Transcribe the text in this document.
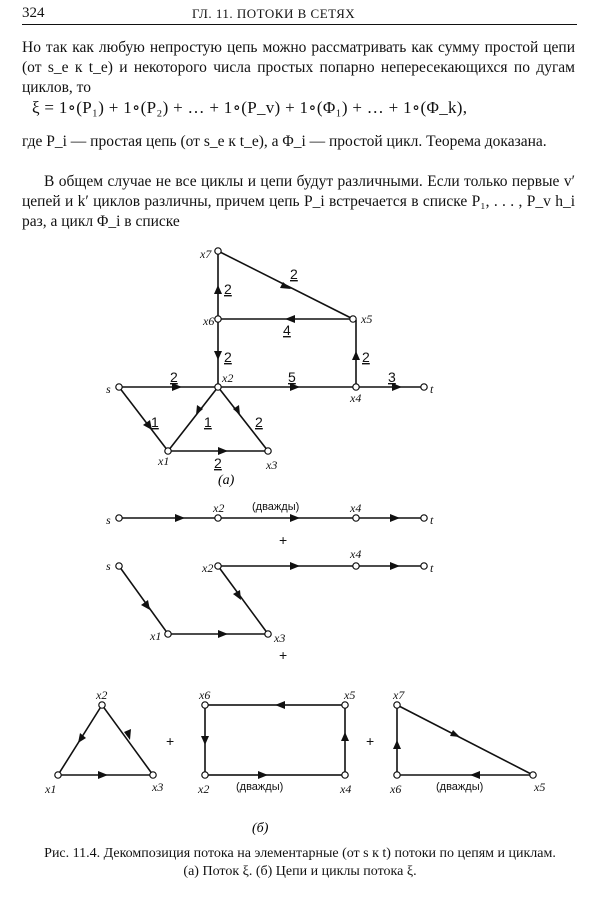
324	ГЛ. 11. ПОТОКИ В СЕТЯХ
Но так как любую непростую цепь можно рассматривать как сумму простой цепи (от s_e к t_e) и некоторого числа простых попарно непересекающихся по дугам циклов, то
ξ = 1∘(P₁) + 1∘(P₂) + … + 1∘(P_v) + 1∘(Φ₁) + … + 1∘(Φ_k),
где P_i — простая цепь (от s_e к t_e), а Φ_i — простой цикл. Теорема доказана.
В общем случае не все циклы и цепи будут различными. Если только первые v′ цепей и k′ циклов различны, причем цепь P_i встречается в списке P₁, . . . , P_v h_i раз, а цикл Φ_i в списке
s	t
x1
x2
x3
x4
x5
x6
x7
2
2
4
2	2
2	5	3
1	1	2
2
(а)
s
x2	x4
t
s	x2
x4
t
x1	x3
x2
x1	x3
x6	x5
x2	x4
x7
x6	x5
(дважды)
(дважды)	(дважды)
+
+
+	+
(б)
Рис. 11.4. Декомпозиция потока на элементарные (от s к t) потоки по цепям и циклам. (а) Поток ξ. (б) Цепи и циклы потока ξ.
